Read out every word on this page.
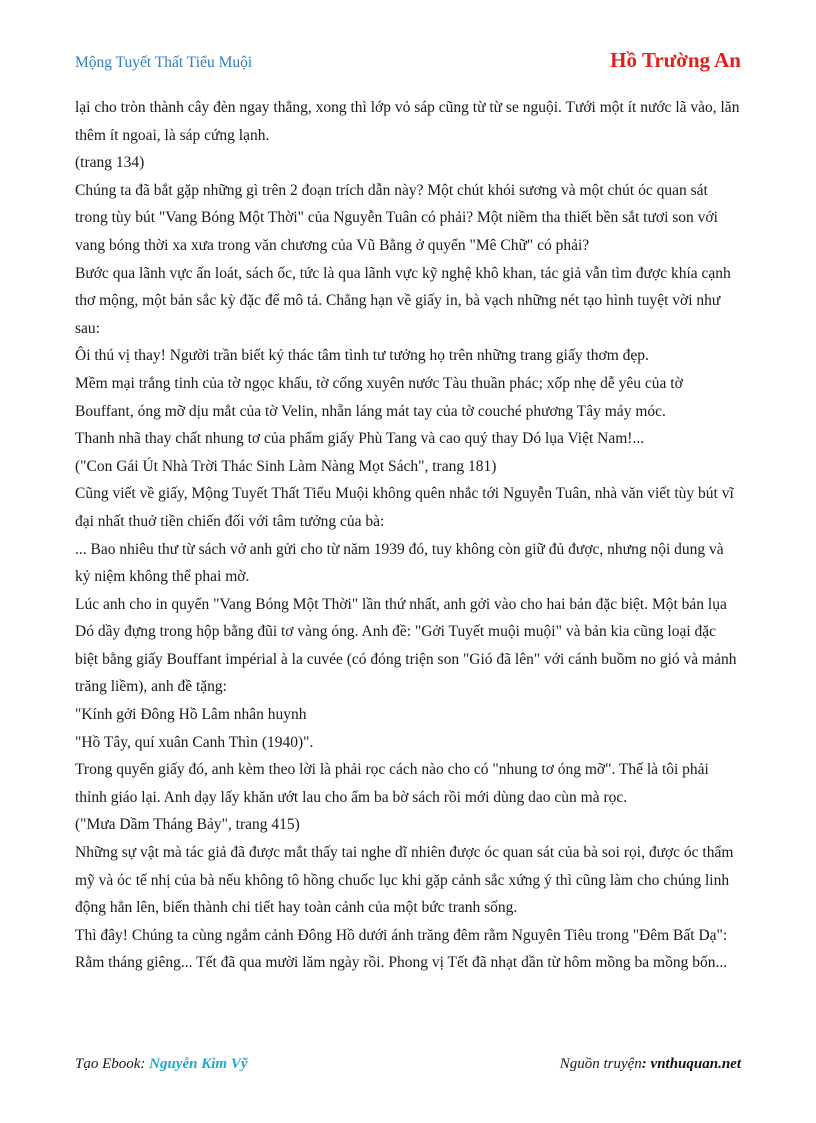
Mộng Tuyết Thất Tiểu Muội	Hồ Trường An

lại cho tròn thành cây đèn ngay thẳng, xong thì lớp vỏ sáp cũng từ từ se nguội. Tưới một ít nước lã vào, lăn thêm ít ngoai, là sáp cứng lạnh.

(trang 134)

Chúng ta đã bắt gặp những gì trên 2 đoạn trích dẫn này? Một chút khói sương và một chút óc quan sát trong tùy bút "Vang Bóng Một Thời" của Nguyễn Tuân có phải? Một niềm tha thiết bền sắt tươi son với vang bóng thời xa xưa trong văn chương của Vũ Bằng ở quyển "Mê Chữ" có phải?

Bước qua lãnh vực ấn loát, sách ốc, tức là qua lãnh vực kỹ nghệ khô khan, tác giả vẫn tìm được khía cạnh thơ mộng, một bản sắc kỳ đặc để mô tả. Chẳng hạn về giấy in, bà vạch những nét tạo hình tuyệt vời như sau:

Ôi thú vị thay! Người trần biết ký thác tâm tình tư tưởng họ trên những trang giấy thơm đẹp.

Mềm mại trắng tinh của tờ ngọc khấu, tờ cống xuyên nước Tàu thuần phác; xốp nhẹ dễ yêu của tờ Bouffant, óng mỡ dịu mắt của tờ Velin, nhẵn láng mát tay của tờ couché phương Tây máy móc.

Thanh nhã thay chất nhung tơ của phẩm giấy Phù Tang và cao quý thay Dó lụa Việt Nam!...

("Con Gái Út Nhà Trời Thác Sinh Làm Nàng Mọt Sách", trang 181)

Cũng viết về giấy, Mộng Tuyết Thất Tiểu Muội không quên nhắc tới Nguyễn Tuân, nhà văn viết tùy bút vĩ đại nhất thuở tiền chiến đối với tâm tưởng của bà:

... Bao nhiêu thư từ sách vở anh gửi cho từ năm 1939 đó, tuy không còn giữ đủ được, nhưng nội dung và kỷ niệm không thể phai mờ.

Lúc anh cho in quyển "Vang Bóng Một Thời" lần thứ nhất, anh gởi vào cho hai bản đặc biệt. Một bản lụa Dó dầy đựng trong hộp bằng đũi tơ vàng óng. Anh đề: "Gởi Tuyết muội muội" và bản kia cũng loại đặc biệt bằng giấy Bouffant impérial à la cuvée (có đóng triện son "Gió đã lên" với cánh buồm no gió và mảnh trăng liềm), anh đề tặng:

"Kính gởi Đông Hồ Lâm nhân huynh

"Hồ Tây, quí xuân Canh Thìn (1940)".

Trong quyển giấy đó, anh kèm theo lời là phải rọc cách nào cho có "nhung tơ óng mỡ". Thế là tôi phải thỉnh giáo lại. Anh dạy lấy khăn ướt lau cho ẩm ba bờ sách rồi mới dùng dao cùn mà rọc.

("Mưa Dầm Tháng Bảy", trang 415)

Những sự vật mà tác giả đã được mắt thấy tai nghe dĩ nhiên được óc quan sát của bà soi rọi, được óc thẩm mỹ và óc tế nhị của bà nếu không tô hồng chuốc lục khi gặp cảnh sắc xứng ý thì cũng làm cho chúng linh động hẳn lên, biến thành chi tiết hay toàn cảnh của một bức tranh sống.

Thì đây! Chúng ta cùng ngắm cảnh Đông Hồ dưới ánh trăng đêm rằm Nguyên Tiêu trong "Đêm Bất Dạ":

Rằm tháng giêng... Tết đã qua mười lăm ngày rồi. Phong vị Tết đã nhạt dần từ hôm mồng ba mồng bốn...

Tạo Ebook: Nguyễn Kim Vỹ	Nguồn truyện: vnthuquan.net
